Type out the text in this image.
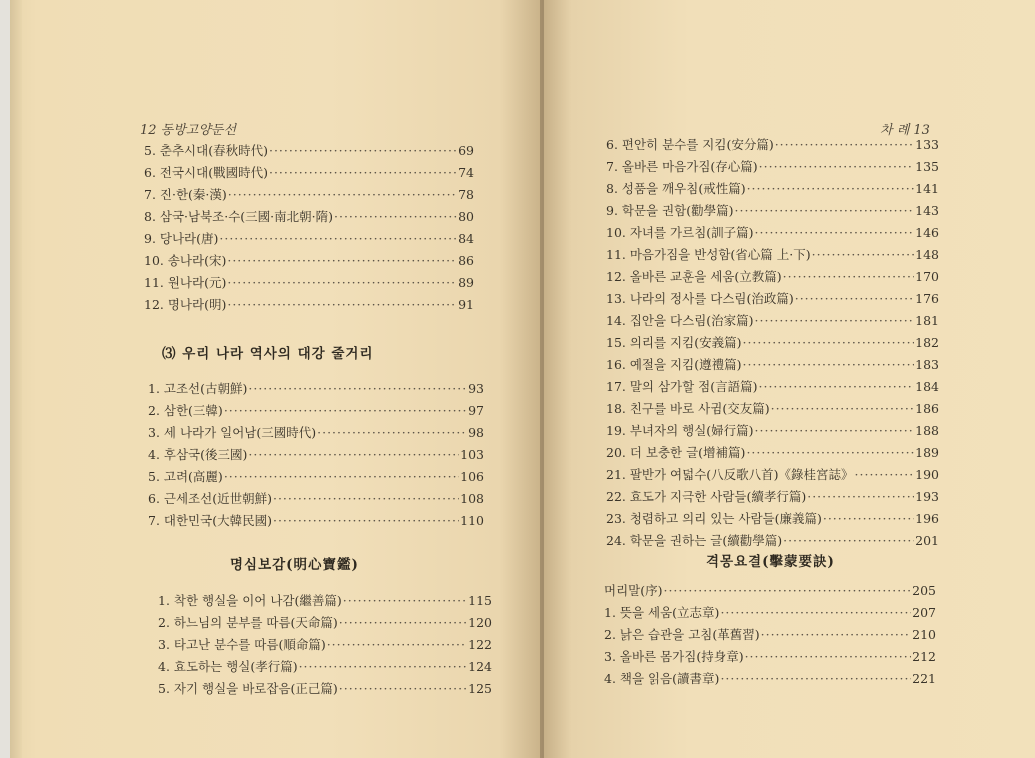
12 동방고양둔선	차 례 13
5. 춘추시대(春秋時代) ·····	69
6. 전국시대(戰國時代) ·····	74
7. 진·한(秦·漢) ·····	78
8. 삼국·남북조·수(三國·南北朝·隋) ·····	80
9. 당나라(唐) ·····	84
10. 송나라(宋) ·····	86
11. 원나라(元) ·····	89
12. 명나라(明) ·····	91
⑶ 우리 나라 역사의 대강 줄거리
1. 고조선(古朝鮮) ·····	93
2. 삼한(三韓) ·····	97
3. 세 나라가 일어남(三國時代) ·····	98
4. 후삼국(後三國) ·····	103
5. 고려(高麗) ·····	106
6. 근세조선(近世朝鮮) ·····	108
7. 대한민국(大韓民國) ·····	110
명심보감(明心寶鑑)
1. 착한 행실을 이어 나감(繼善篇) ·····	115
2. 하느님의 분부를 따름(天命篇) ·····	120
3. 타고난 분수를 따름(順命篇) ·····	122
4. 효도하는 행실(孝行篇) ·····	124
5. 자기 행실을 바로잡음(正己篇) ·····	125
6. 편안히 분수를 지킴(安分篇) ·····	133
7. 올바른 마음가짐(存心篇) ·····	135
8. 성품을 깨우침(戒性篇) ·····	141
9. 학문을 권함(勸學篇) ·····	143
10. 자녀를 가르침(訓子篇) ·····	146
11. 마음가짐을 반성함(省心篇 上·下) ·····	148
12. 올바른 교훈을 세움(立教篇) ·····	170
13. 나라의 정사를 다스림(治政篇) ·····	176
14. 집안을 다스림(治家篇) ·····	181
15. 의리를 지킴(安義篇) ·····	182
16. 예절을 지킴(遵禮篇) ·····	183
17. 말의 삼가할 점(言語篇) ·····	184
18. 친구를 바로 사귐(交友篇) ·····	186
19. 부녀자의 행실(婦行篇) ·····	188
20. 더 보충한 글(增補篇) ·····	189
21. 팔반가 여덟수(八反歌八首)《錄桂宮誌》 ·····	190
22. 효도가 지극한 사람들(續孝行篇) ·····	193
23. 청렴하고 의리 있는 사람들(廉義篇) ·····	196
24. 학문을 권하는 글(續勸學篇) ·····	201
격몽요결(擊蒙要訣)
머리말(序) ·····	205
1. 뜻을 세움(立志章) ·····	207
2. 낡은 습관을 고침(革舊習) ·····	210
3. 올바른 몸가짐(持身章) ·····	212
4. 책을 읽음(讀書章) ·····	221
